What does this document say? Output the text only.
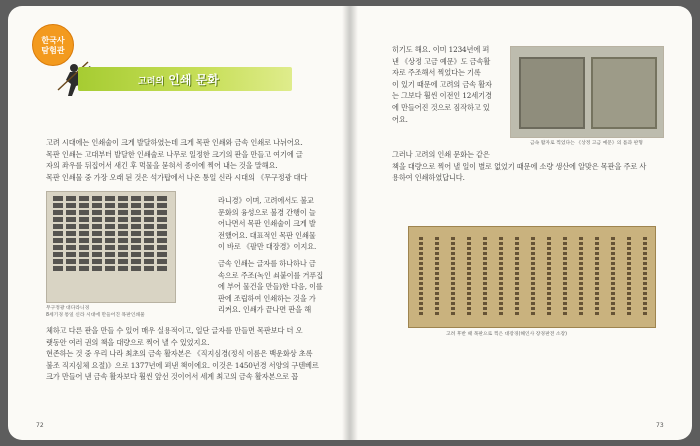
한국사
탐험관
고려의 인쇄 문화

고려 시대에는 인쇄술이 크게 발달하였는데 크게 목판 인쇄와 금속 인쇄로 나뉘어요.

목판 인쇄는 고대부터 발달한 인쇄술로 나무로 일정한 크기의 판을 만들고 여기에 글

자의 좌우를 뒤집어서 새긴 후 먹물을 묻혀서 종이에 찍어 내는 것을 말해요.

목판 인쇄물 중 가장 오래 된 것은 석가탑에서 나온 통일 신라 시대의 《무구정광 대다

무구정광 대다라니경
8세기경 통일 신라 시대에 만들어진 목판인쇄물

라니경》이며, 고려에서도 불교

문화의 융성으로 불경 간행이 늘

어나면서 목판 인쇄술이 크게 발

전했어요. 대표적인 목판 인쇄물

이 바로 《팔만 대장경》이지요.

금속 인쇄는 글자를 하나하나 금

속으로 주조(녹인 쇠붙이를 거푸집

에 부어 물건을 만들)한 다음, 이를

판에 조립하여 인쇄하는 것을 가

리켜요. 인쇄가 끝나면 판을 해

체하고 다른 판을 만들 수 있어 매우 실용적이고, 일단 글자를 만들면 목판보다 더 오

랫동안 여러 권의 책을 대량으로 찍어 낼 수 있었지요.

현존하는 것 중 우리 나라 최초의 금속 활자본은 《직지심경(정식 이름은 백운화상 초록

불조 직지심체 요절)》으로 1377년에 펴낸 책이에요. 이것은 1450년경 서양의 구텐베르

크가 만들어 낸 금속 활자보다 훨씬 앞선 것이어서 세계 최고의 금속 활자본으로 꼽

72

히기도 해요. 이미 1234년에 펴

낸 《상정 고금 예문》도 금속활

자로 주조해서 찍었다는 기록

이 있기 때문에 고려의 금속 활자

는 그보다 훨씬 이전인 12세기경

에 만들어진 것으로 짐작하고 있

어요.

금속 활자로 찍었다는 《상정 고금 예문》의 틀과 판형

그러나 고려의 인쇄 문화는 같은

책을 대량으로 찍어 낼 일이 별로 없었기 때문에 소량 생산에 알맞은 목판을 주로 사

용하여 인쇄하였답니다.

고려 후반 때 목판으로 찍은 대장경(해인사 장경판전 소장)
73
